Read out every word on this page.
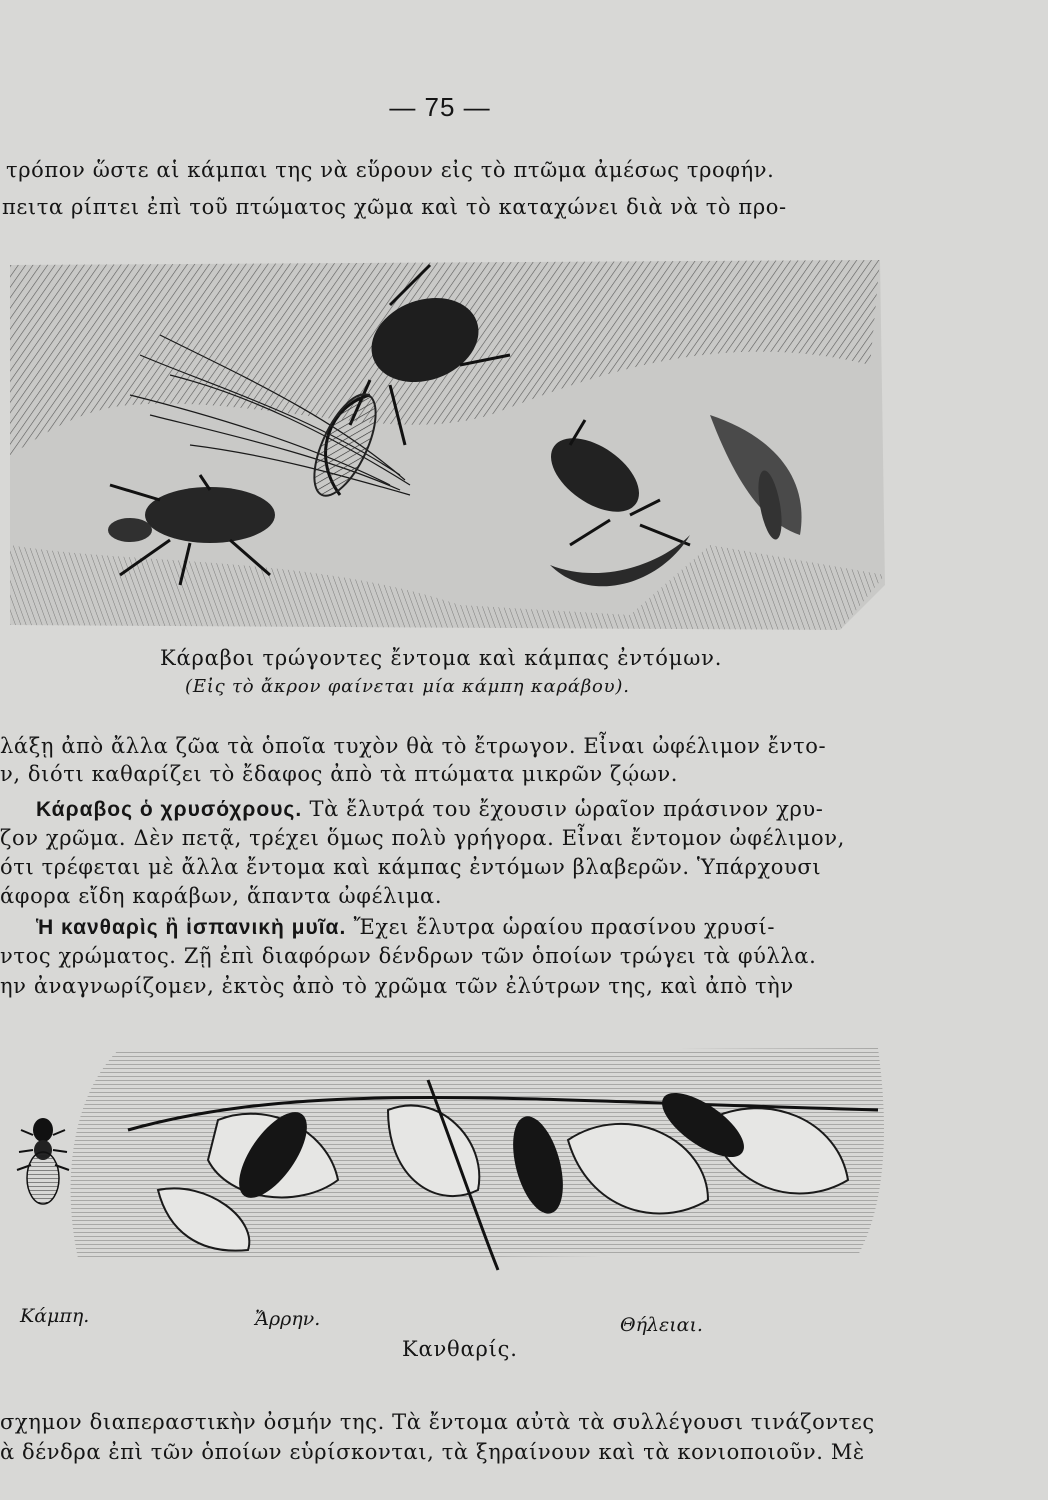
— 75 —
τρόπον ὥστε αἱ κάμπαι της νὰ εὕρουν εἰς τὸ πτῶμα ἀμέσως τροφήν.
πειτα ρίπτει ἐπὶ τοῦ πτώματος χῶμα καὶ τὸ καταχώνει διὰ νὰ τὸ προ-
Κάραβοι τρώγοντες ἔντομα καὶ κάμπας ἐντόμων.
(Εἰς τὸ ἄκρον φαίνεται μία κάμπη καράβου).
λάξῃ ἀπὸ ἄλλα ζῶα τὰ ὁποῖα τυχὸν θὰ τὸ ἔτρωγον. Εἶναι ὠφέλιμον ἔντο-
ν, διότι καθαρίζει τὸ ἔδαφος ἀπὸ τὰ πτώματα μικρῶν ζῴων.
Κάραβος ὁ χρυσόχρους. Τὰ ἔλυτρά του ἔχουσιν ὡραῖον πράσινον χρυ-
ζον χρῶμα. Δὲν πετᾷ, τρέχει ὅμως πολὺ γρήγορα. Εἶναι ἔντομον ὠφέλιμον,
ότι τρέφεται μὲ ἄλλα ἔντομα καὶ κάμπας ἐντόμων βλαβερῶν. Ὑπάρχουσι
άφορα εἴδη καράβων, ἅπαντα ὠφέλιμα.
Ἡ κανθαρὶς ἢ ἱσπανικὴ μυῖα. Ἔχει ἔλυτρα ὡραίου πρασίνου χρυσί-
ντος χρώματος. Ζῇ ἐπὶ διαφόρων δένδρων τῶν ὁποίων τρώγει τὰ φύλλα.
ην ἀναγνωρίζομεν, ἐκτὸς ἀπὸ τὸ χρῶμα τῶν ἐλύτρων της, καὶ ἀπὸ τὴν
Κάμπη.	Ἄρρην.	Θήλειαι.
Κανθαρίς.
σχημον διαπεραστικὴν ὀσμήν της. Τὰ ἔντομα αὐτὰ τὰ συλλέγουσι τινάζοντες
ὰ δένδρα ἐπὶ τῶν ὁποίων εὑρίσκονται, τὰ ξηραίνουν καὶ τὰ κονιοποιοῦν. Μὲ
